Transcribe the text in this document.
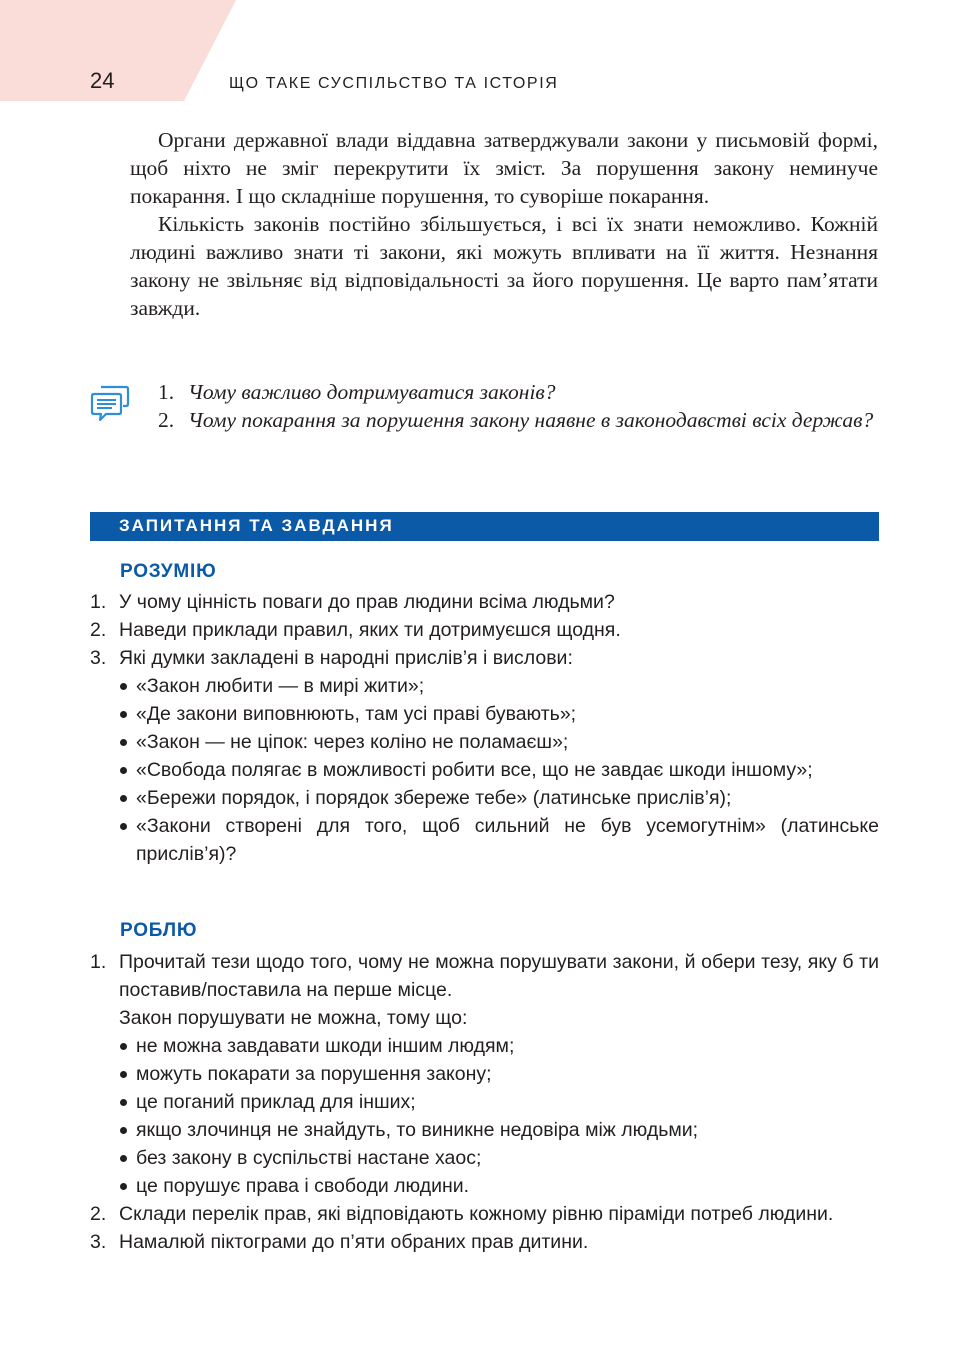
24	ЩО ТАКЕ СУСПІЛЬСТВО ТА ІСТОРІЯ

Органи державної влади віддавна затверджували закони у письмовій формі, щоб ніхто не зміг перекрутити їх зміст. За порушення закону неминуче покарання. І що складніше порушення, то суворіше покарання.

Кількість законів постійно збільшується, і всі їх знати неможливо. Кожній людині важливо знати ті закони, які можуть впливати на її життя. Незнання закону не звільняє від відповідальності за його порушення. Це варто пам’ятати завжди.

1. Чому важливо дотримуватися законів?
2. Чому покарання за порушення закону наявне в законодавстві всіх держав?
ЗАПИТАННЯ ТА ЗАВДАННЯ
РОЗУМІЮ
1. У чому цінність поваги до прав людини всіма людьми?
2. Наведи приклади правил, яких ти дотримуєшся щодня.
3. Які думки закладені в народні прислів’я і вислови:
«Закон любити — в мирі жити»;
«Де закони виповнюють, там усі праві бувають»;
«Закон — не ціпок: через коліно не поламаєш»;
«Свобода полягає в можливості робити все, що не завдає шкоди іншому»;
«Бережи порядок, і порядок збереже тебе» (латинське прислів’я);
«Закони створені для того, щоб сильний не був усемогутнім» (латинське прислів’я)?
РОБЛЮ
1. Прочитай тези щодо того, чому не можна порушувати закони, й обери тезу, яку б ти поставив/поставила на перше місце.
Закон порушувати не можна, тому що:
не можна завдавати шкоди іншим людям;
можуть покарати за порушення закону;
це поганий приклад для інших;
якщо злочинця не знайдуть, то виникне недовіра між людьми;
без закону в суспільстві настане хаос;
це порушує права і свободи людини.
2. Склади перелік прав, які відповідають кожному рівню піраміди потреб людини.
3. Намалюй піктограми до п’яти обраних прав дитини.
